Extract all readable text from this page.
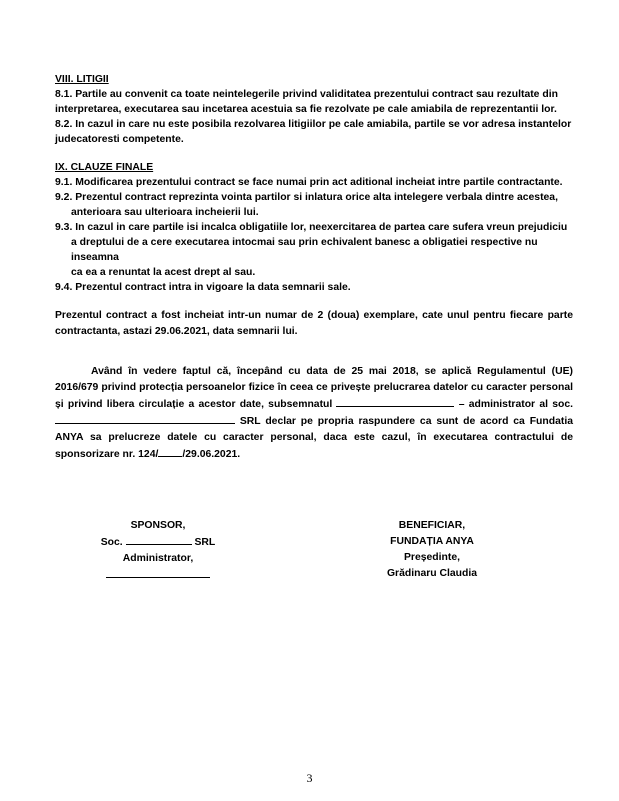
VIII. LITIGII

8.1. Partile au convenit ca toate neintelegerile privind validitatea prezentului contract sau rezultate din interpretarea, executarea sau incetarea acestuia sa fie rezolvate pe cale amiabila de reprezentantii lor.

8.2. In cazul in care nu este posibila rezolvarea litigiilor pe cale amiabila, partile se vor adresa instantelor judecatoresti competente.

IX. CLAUZE FINALE

9.1. Modificarea prezentului contract se face numai prin act aditional incheiat intre partile contractante.

9.2. Prezentul contract reprezinta vointa partilor si inlatura orice alta intelegere verbala dintre acestea,

anterioara sau ulterioara incheierii lui.

9.3. In cazul in care partile isi incalca obligatiile lor, neexercitarea de partea care sufera vreun prejudiciu

a dreptului de a cere executarea intocmai sau prin echivalent banesc a obligatiei respective nu inseamna

ca ea a renuntat la acest drept al sau.

9.4. Prezentul contract intra in vigoare la data semnarii sale.

Prezentul contract a fost incheiat intr-un numar de 2 (doua) exemplare, cate unul pentru fiecare parte contractanta, astazi 29.06.2021, data semnarii lui.

Având în vedere faptul că, începând cu data de 25 mai 2018, se aplică Regulamentul (UE) 2016/679 privind protecția persoanelor fizice în ceea ce privește prelucrarea datelor cu caracter personal și privind libera circulație a acestor date, subsemnatul	– administrator al soc.  SRL declar pe propria raspundere ca sunt de acord ca Fundatia ANYA sa prelucreze datele cu caracter personal, daca este cazul, în executarea contractului de sponsorizare nr. 124/ /29.06.2021.

SPONSOR,
Soc.	SRL
Administrator,
BENEFICIAR,
FUNDAȚIA ANYA
Președinte,
Grădinaru Claudia
3
